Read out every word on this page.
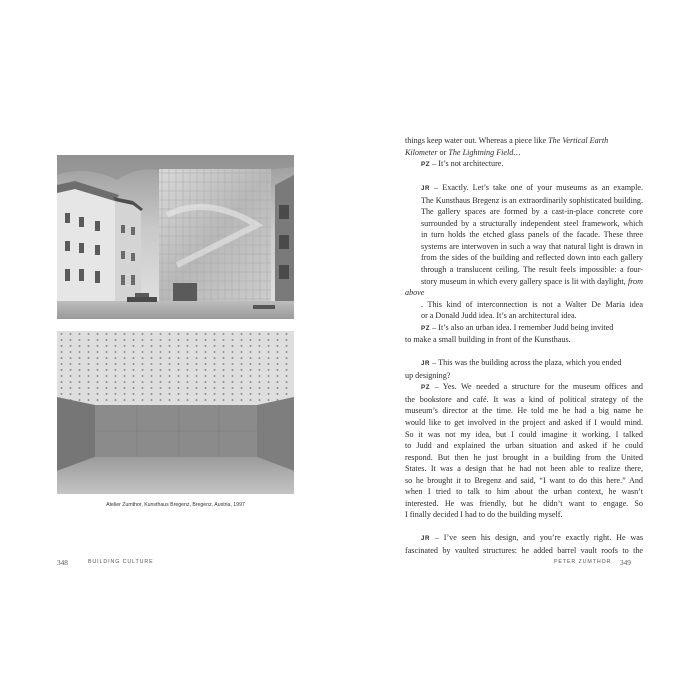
Atelier Zumthor, Kunsthaus Bregenz, Bregenz, Austria, 1997
348	BUILDING CULTURE

things keep water out. Whereas a piece like The Vertical Earth
Kilometer or The Lightning Field…

PZ – It’s not architecture.

JR – Exactly. Let’s take one of your museums as an example.
The Kunsthaus Bregenz is an extraordinarily sophisticated building.
The gallery spaces are formed by a cast-in-place concrete core
surrounded by a structurally independent steel framework, which
in turn holds the etched glass panels of the facade. These three
systems are interwoven in such a way that natural light is drawn in
from the sides of the building and reflected down into each gallery
through a translucent ceiling. The result feels impossible: a four-
story museum in which every gallery space is lit with daylight, from above
. This kind of interconnection is not a Walter De Maria idea
or a Donald Judd idea. It’s an architectural idea.

PZ – It’s also an urban idea. I remember Judd being invited
to make a small building in front of the Kunsthaus.

JR – This was the building across the plaza, which you ended
up designing?

PZ – Yes. We needed a structure for the museum offices and
the bookstore and café. It was a kind of political strategy of the
museum’s director at the time. He told me he had a big name he
would like to get involved in the project and asked if I would mind.
So it was not my idea, but I could imagine it working. I talked
to Judd and explained the urban situation and asked if he could
respond. But then he just brought in a building from the United
States. It was a design that he had not been able to realize there,
so he brought it to Bregenz and said, “I want to do this here.” And
when I tried to talk to him about the urban context, he wasn’t
interested. He was friendly, but he didn’t want to engage. So
I finally decided I had to do the building myself.

JR – I’ve seen his design, and you’re exactly right. He was
fascinated by vaulted structures: he added barrel vault roofs to the

PETER ZUMTHOR 349
